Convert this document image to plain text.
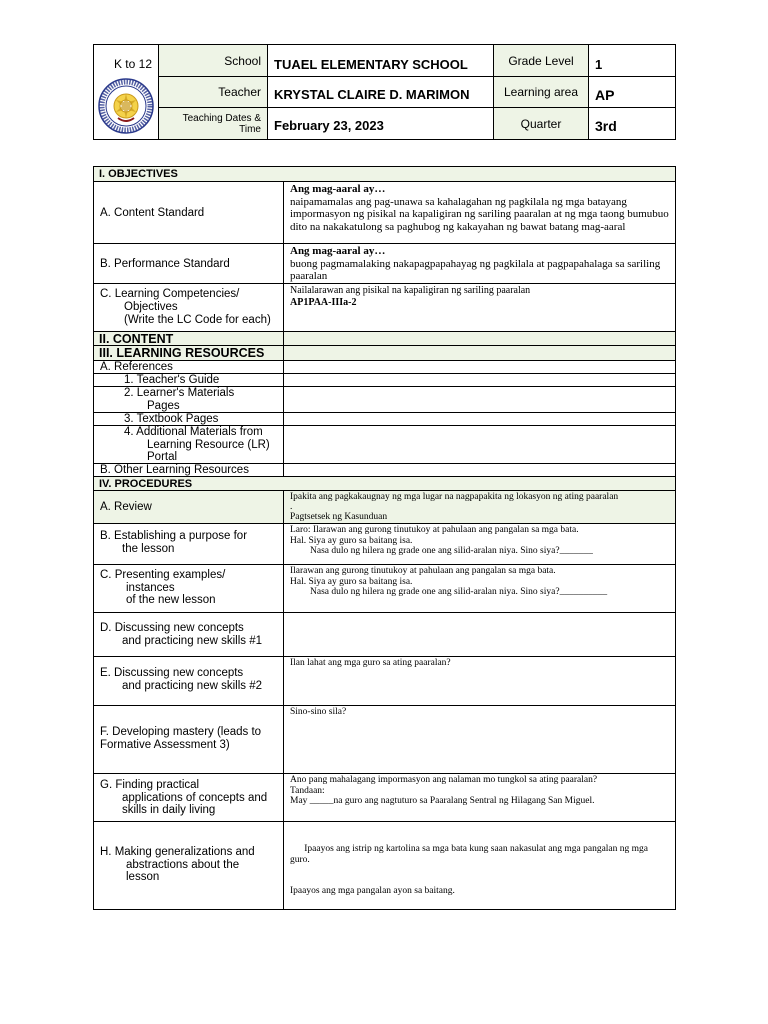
K to 12	School
Teacher
Teaching Dates & Time
TUAEL ELEMENTARY SCHOOL
KRYSTAL CLAIRE D. MARIMON
February 23, 2023
Grade Level
Learning area
Quarter
1
AP
3rd
I. OBJECTIVES
A. Content Standard
Ang mag-aaral ay…
naipamamalas ang pag-unawa sa kahalagahan ng pagkilala ng mga batayang impormasyon ng pisikal na kapaligiran ng sariling paaralan at ng mga taong bumubuo dito na nakakatulong sa paghubog ng kakayahan ng bawat batang mag-aaral
B. Performance Standard
Ang mag-aaral ay…
buong pagmamalaking nakapagpapahayag ng pagkilala at pagpapahalaga sa sariling paaralan
C. Learning Competencies/
Objectives
(Write the LC Code for each)
Nailalarawan ang pisikal na kapaligiran ng sariling paaralan
AP1PAA-IIIa-2
II. CONTENT
III. LEARNING RESOURCES
A. References
1. Teacher's Guide
2. Learner's Materials
Pages
3. Textbook Pages
4. Additional Materials from
Learning Resource (LR)
Portal
B. Other Learning Resources
IV. PROCEDURES
A. Review
Ipakita ang pagkakaugnay ng mga lugar na nagpapakita ng lokasyon ng ating paaralan
.
Pagtsetsek ng Kasunduan
B. Establishing a purpose for
the lesson
Laro: Ilarawan ang gurong tinutukoy at pahulaan ang pangalan sa mga bata.
Hal. Siya ay guro sa baitang isa.
Nasa dulo ng hilera ng grade one ang silid-aralan niya. Sino siya?_______
C. Presenting examples/
instances
of the new lesson
Ilarawan ang gurong tinutukoy at pahulaan ang pangalan sa mga bata.
Hal. Siya ay guro sa baitang isa.
Nasa dulo ng hilera ng grade one ang silid-aralan niya. Sino siya?__________
D. Discussing new concepts
and practicing new skills #1
E. Discussing new concepts
and practicing new skills #2
Ilan lahat ang mga guro sa ating paaralan?
F. Developing mastery (leads to
Formative Assessment 3)
Sino-sino sila?
G. Finding practical
applications of concepts and
skills in daily living
Ano pang mahalagang impormasyon ang nalaman mo tungkol sa ating paaralan?
Tandaan:
May _____na guro ang nagtuturo sa Paaralang Sentral ng Hilagang San Miguel.
H. Making generalizations and
abstractions about the
lesson

Ipaayos ang istrip ng kartolina sa mga bata kung saan nakasulat ang mga pangalan ng mga guro.

Ipaayos ang mga pangalan ayon sa baitang.
